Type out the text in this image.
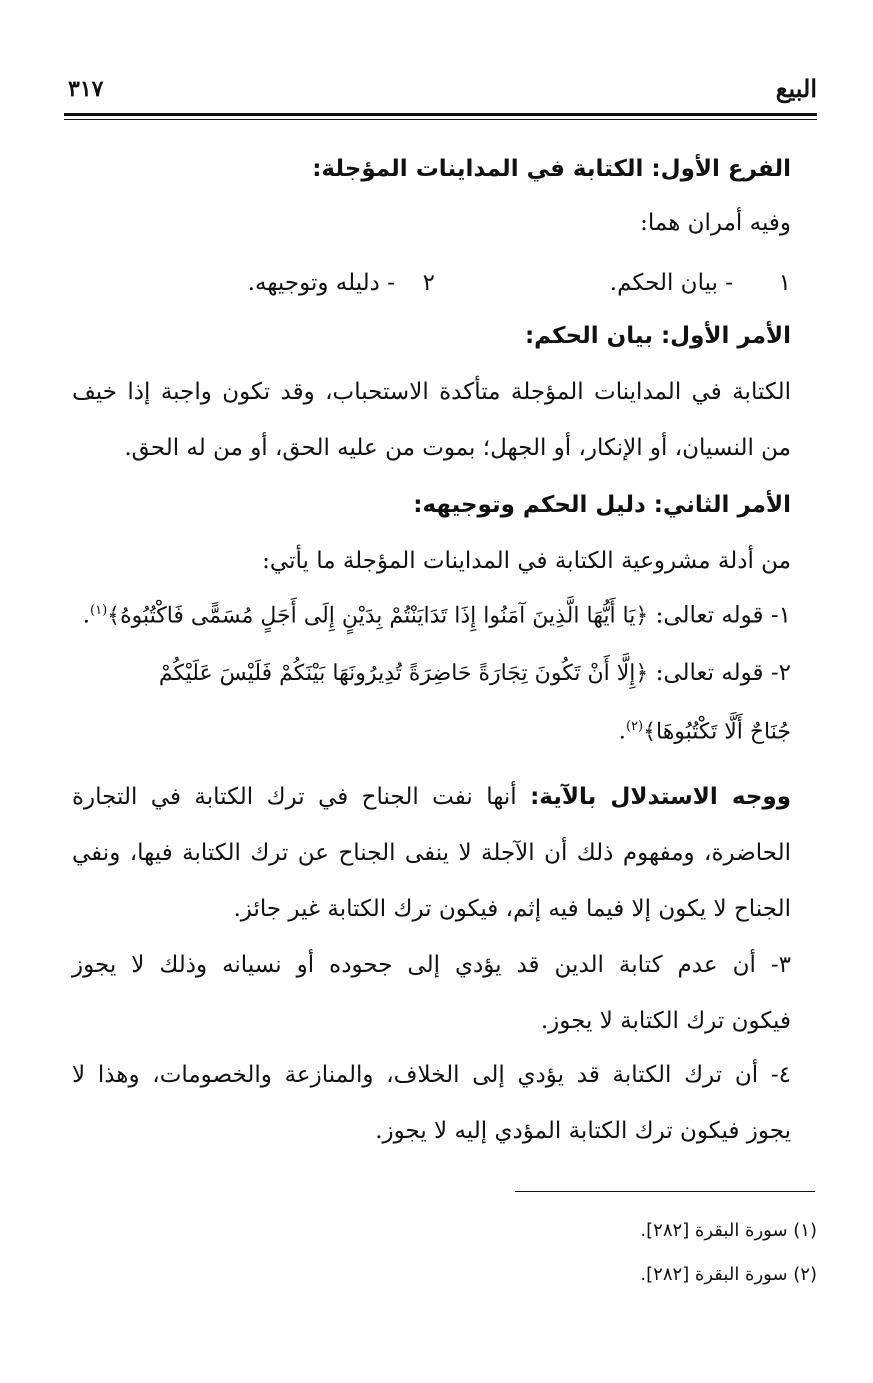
البيع
٣١٧
الفرع الأول: الكتابة في المداينات المؤجلة:
وفيه أمران هما:
١
- بيان الحكم.
٢
- دليله وتوجيهه.
الأمر الأول: بيان الحكم:
الكتابة في المداينات المؤجلة متأكدة الاستحباب، وقد تكون واجبة إذا خيف
من النسيان، أو الإنكار، أو الجهل؛ بموت من عليه الحق، أو من له الحق.
الأمر الثاني: دليل الحكم وتوجيهه:
من أدلة مشروعية الكتابة في المداينات المؤجلة ما يأتي:
١- قوله تعالى: ﴿يَا أَيُّهَا الَّذِينَ آمَنُوا إِذَا تَدَايَنْتُمْ بِدَيْنٍ إِلَى أَجَلٍ مُسَمًّى فَاكْتُبُوهُ﴾$^{(١)}$.
٢- قوله تعالى: ﴿إِلَّا أَنْ تَكُونَ تِجَارَةً حَاضِرَةً تُدِيرُونَهَا بَيْنَكُمْ فَلَيْسَ عَلَيْكُمْ
جُنَاحٌ أَلَّا تَكْتُبُوهَا﴾$^{(٢)}$.
ووجه الاستدلال بالآية: أنها نفت الجناح في ترك الكتابة في التجارة
الحاضرة، ومفهوم ذلك أن الآجلة لا ينفى الجناح عن ترك الكتابة فيها، ونفي
الجناح لا يكون إلا فيما فيه إثم، فيكون ترك الكتابة غير جائز.
٣- أن عدم كتابة الدين قد يؤدي إلى جحوده أو نسيانه وذلك لا يجوز
فيكون ترك الكتابة لا يجوز.
٤- أن ترك الكتابة قد يؤدي إلى الخلاف، والمنازعة والخصومات، وهذا لا
يجوز فيكون ترك الكتابة المؤدي إليه لا يجوز.
(١) سورة البقرة [٢٨٢].
(٢) سورة البقرة [٢٨٢].
